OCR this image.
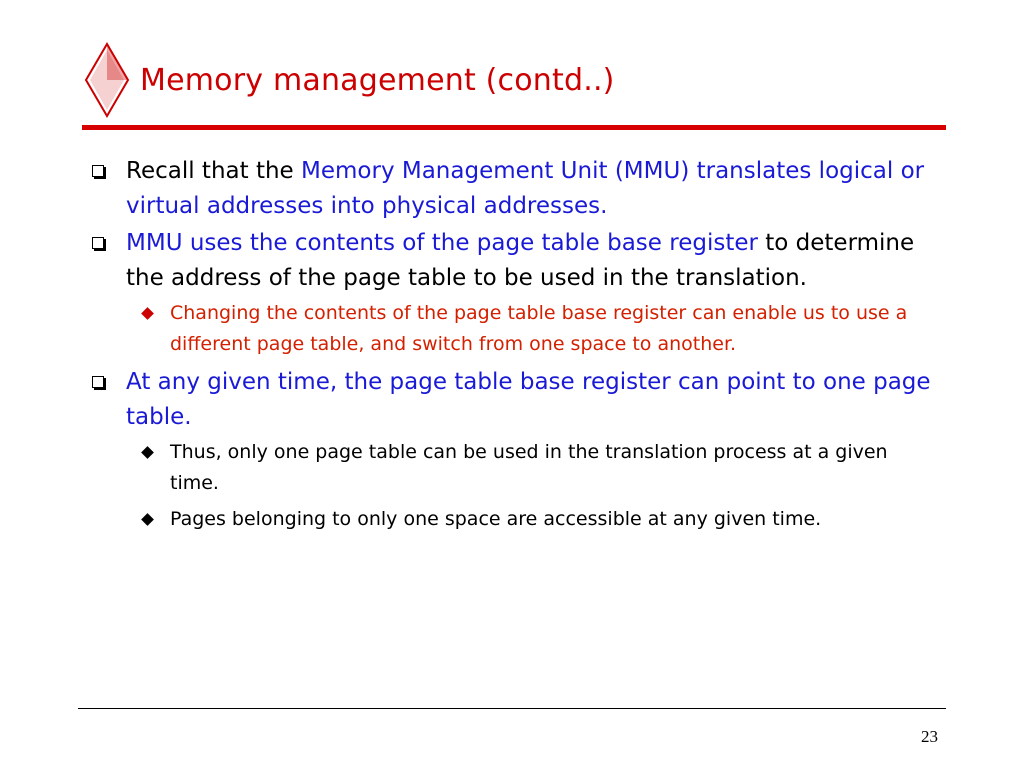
Memory management (contd..)
Recall that the Memory Management Unit (MMU) translates logical or virtual addresses into physical addresses.
MMU uses the contents of the page table base register to determine the address of the page table to be used in the translation.
Changing the contents of the page table base register can enable us to use a different page table, and switch from one space to another.
At any given time, the page table base register can point to one page table.
Thus, only one page table can be used in the translation process at a given time.
Pages belonging to only one space are accessible at any given time.
23
